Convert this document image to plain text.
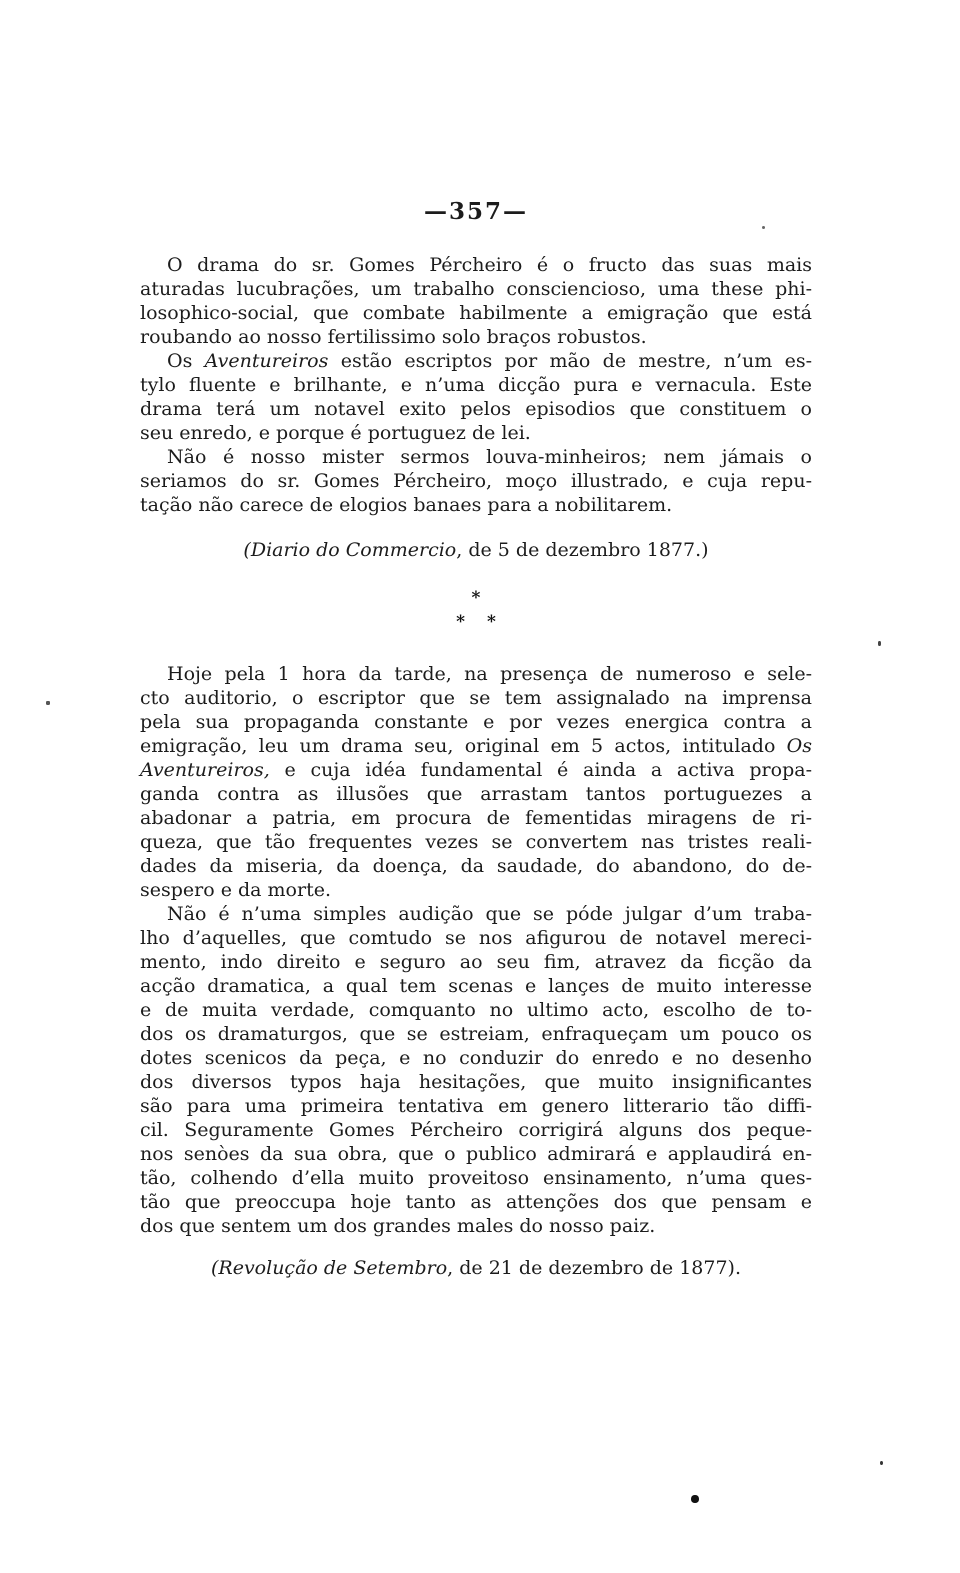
—357—
O drama do sr. Gomes Pércheiro é o fructo das suas mais
aturadas lucubrações, um trabalho consciencioso, uma these phi-
losophico-social, que combate habilmente a emigração que está
roubando ao nosso fertilissimo solo braços robustos.
Os Aventureiros estão escriptos por mão de mestre, n’um es-
tylo fluente e brilhante, e n’uma dicção pura e vernacula. Este
drama terá um notavel exito pelos episodios que constituem o
seu enredo, e porque é portuguez de lei.
Não é nosso mister sermos louva-minheiros; nem jámais o
seriamos do sr. Gomes Pércheiro, moço illustrado, e cuja repu-
tação não carece de elogios banaes para a nobilitarem.
(Diario do Commercio, de 5 de dezembro 1877.)
*
* *
Hoje pela 1 hora da tarde, na presença de numeroso e sele-
cto auditorio, o escriptor que se tem assignalado na imprensa
pela sua propaganda constante e por vezes energica contra a
emigração, leu um drama seu, original em 5 actos, intitulado Os
Aventureiros, e cuja idéa fundamental é ainda a activa propa-
ganda contra as illusões que arrastam tantos portuguezes a
abadonar a patria, em procura de fementidas miragens de ri-
queza, que tão frequentes vezes se convertem nas tristes reali-
dades da miseria, da doença, da saudade, do abandono, do de-
sespero e da morte.
Não é n’uma simples audição que se póde julgar d’um traba-
lho d’aquelles, que comtudo se nos afigurou de notavel mereci-
mento, indo direito e seguro ao seu fim, atravez da ficção da
acção dramatica, a qual tem scenas e lançes de muito interesse
e de muita verdade, comquanto no ultimo acto, escolho de to-
dos os dramaturgos, que se estreiam, enfraqueçam um pouco os
dotes scenicos da peça, e no conduzir do enredo e no desenho
dos diversos typos haja hesitações, que muito insignificantes
são para uma primeira tentativa em genero litterario tão diffi-
cil. Seguramente Gomes Pércheiro corrigirá alguns dos peque-
nos senòes da sua obra, que o publico admirará e applaudirá en-
tão, colhendo d’ella muito proveitoso ensinamento, n’uma ques-
tão que preoccupa hoje tanto as attenções dos que pensam e
dos que sentem um dos grandes males do nosso paiz.
(Revolução de Setembro, de 21 de dezembro de 1877).
